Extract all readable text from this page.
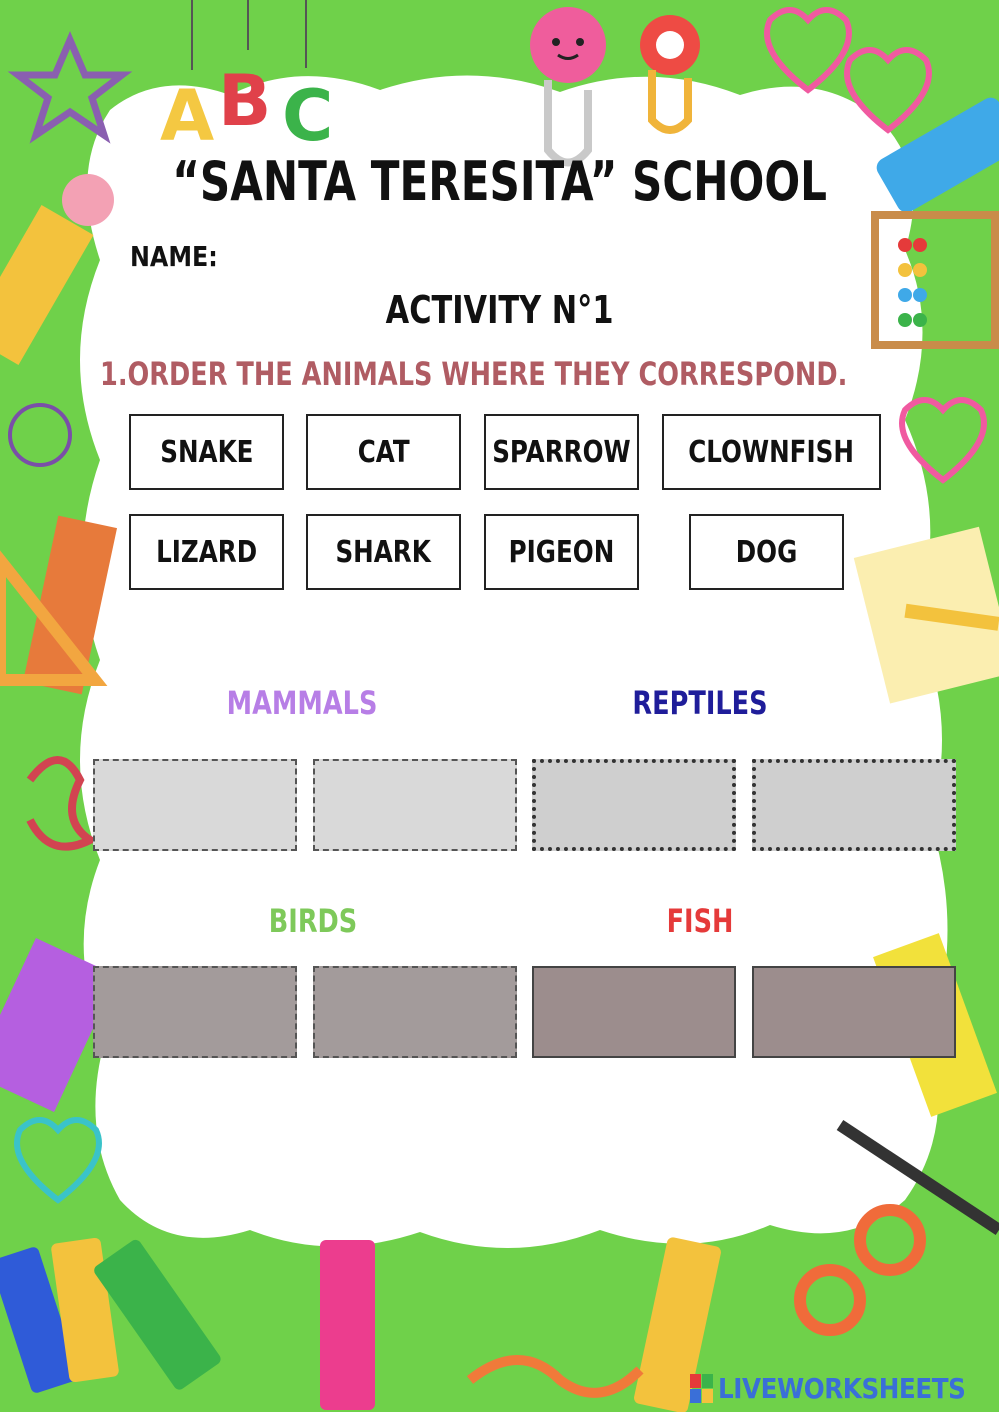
A B C
“SANTA TERESITA” SCHOOL
NAME:
ACTIVITY N°1
1.ORDER THE ANIMALS WHERE THEY CORRESPOND.
SNAKE	CAT	SPARROW CLOWNFISH
LIZARD	SHARK	PIGEON	DOG
MAMMALS	REPTILES
BIRDS	FISH
LIVEWORKSHEETS
